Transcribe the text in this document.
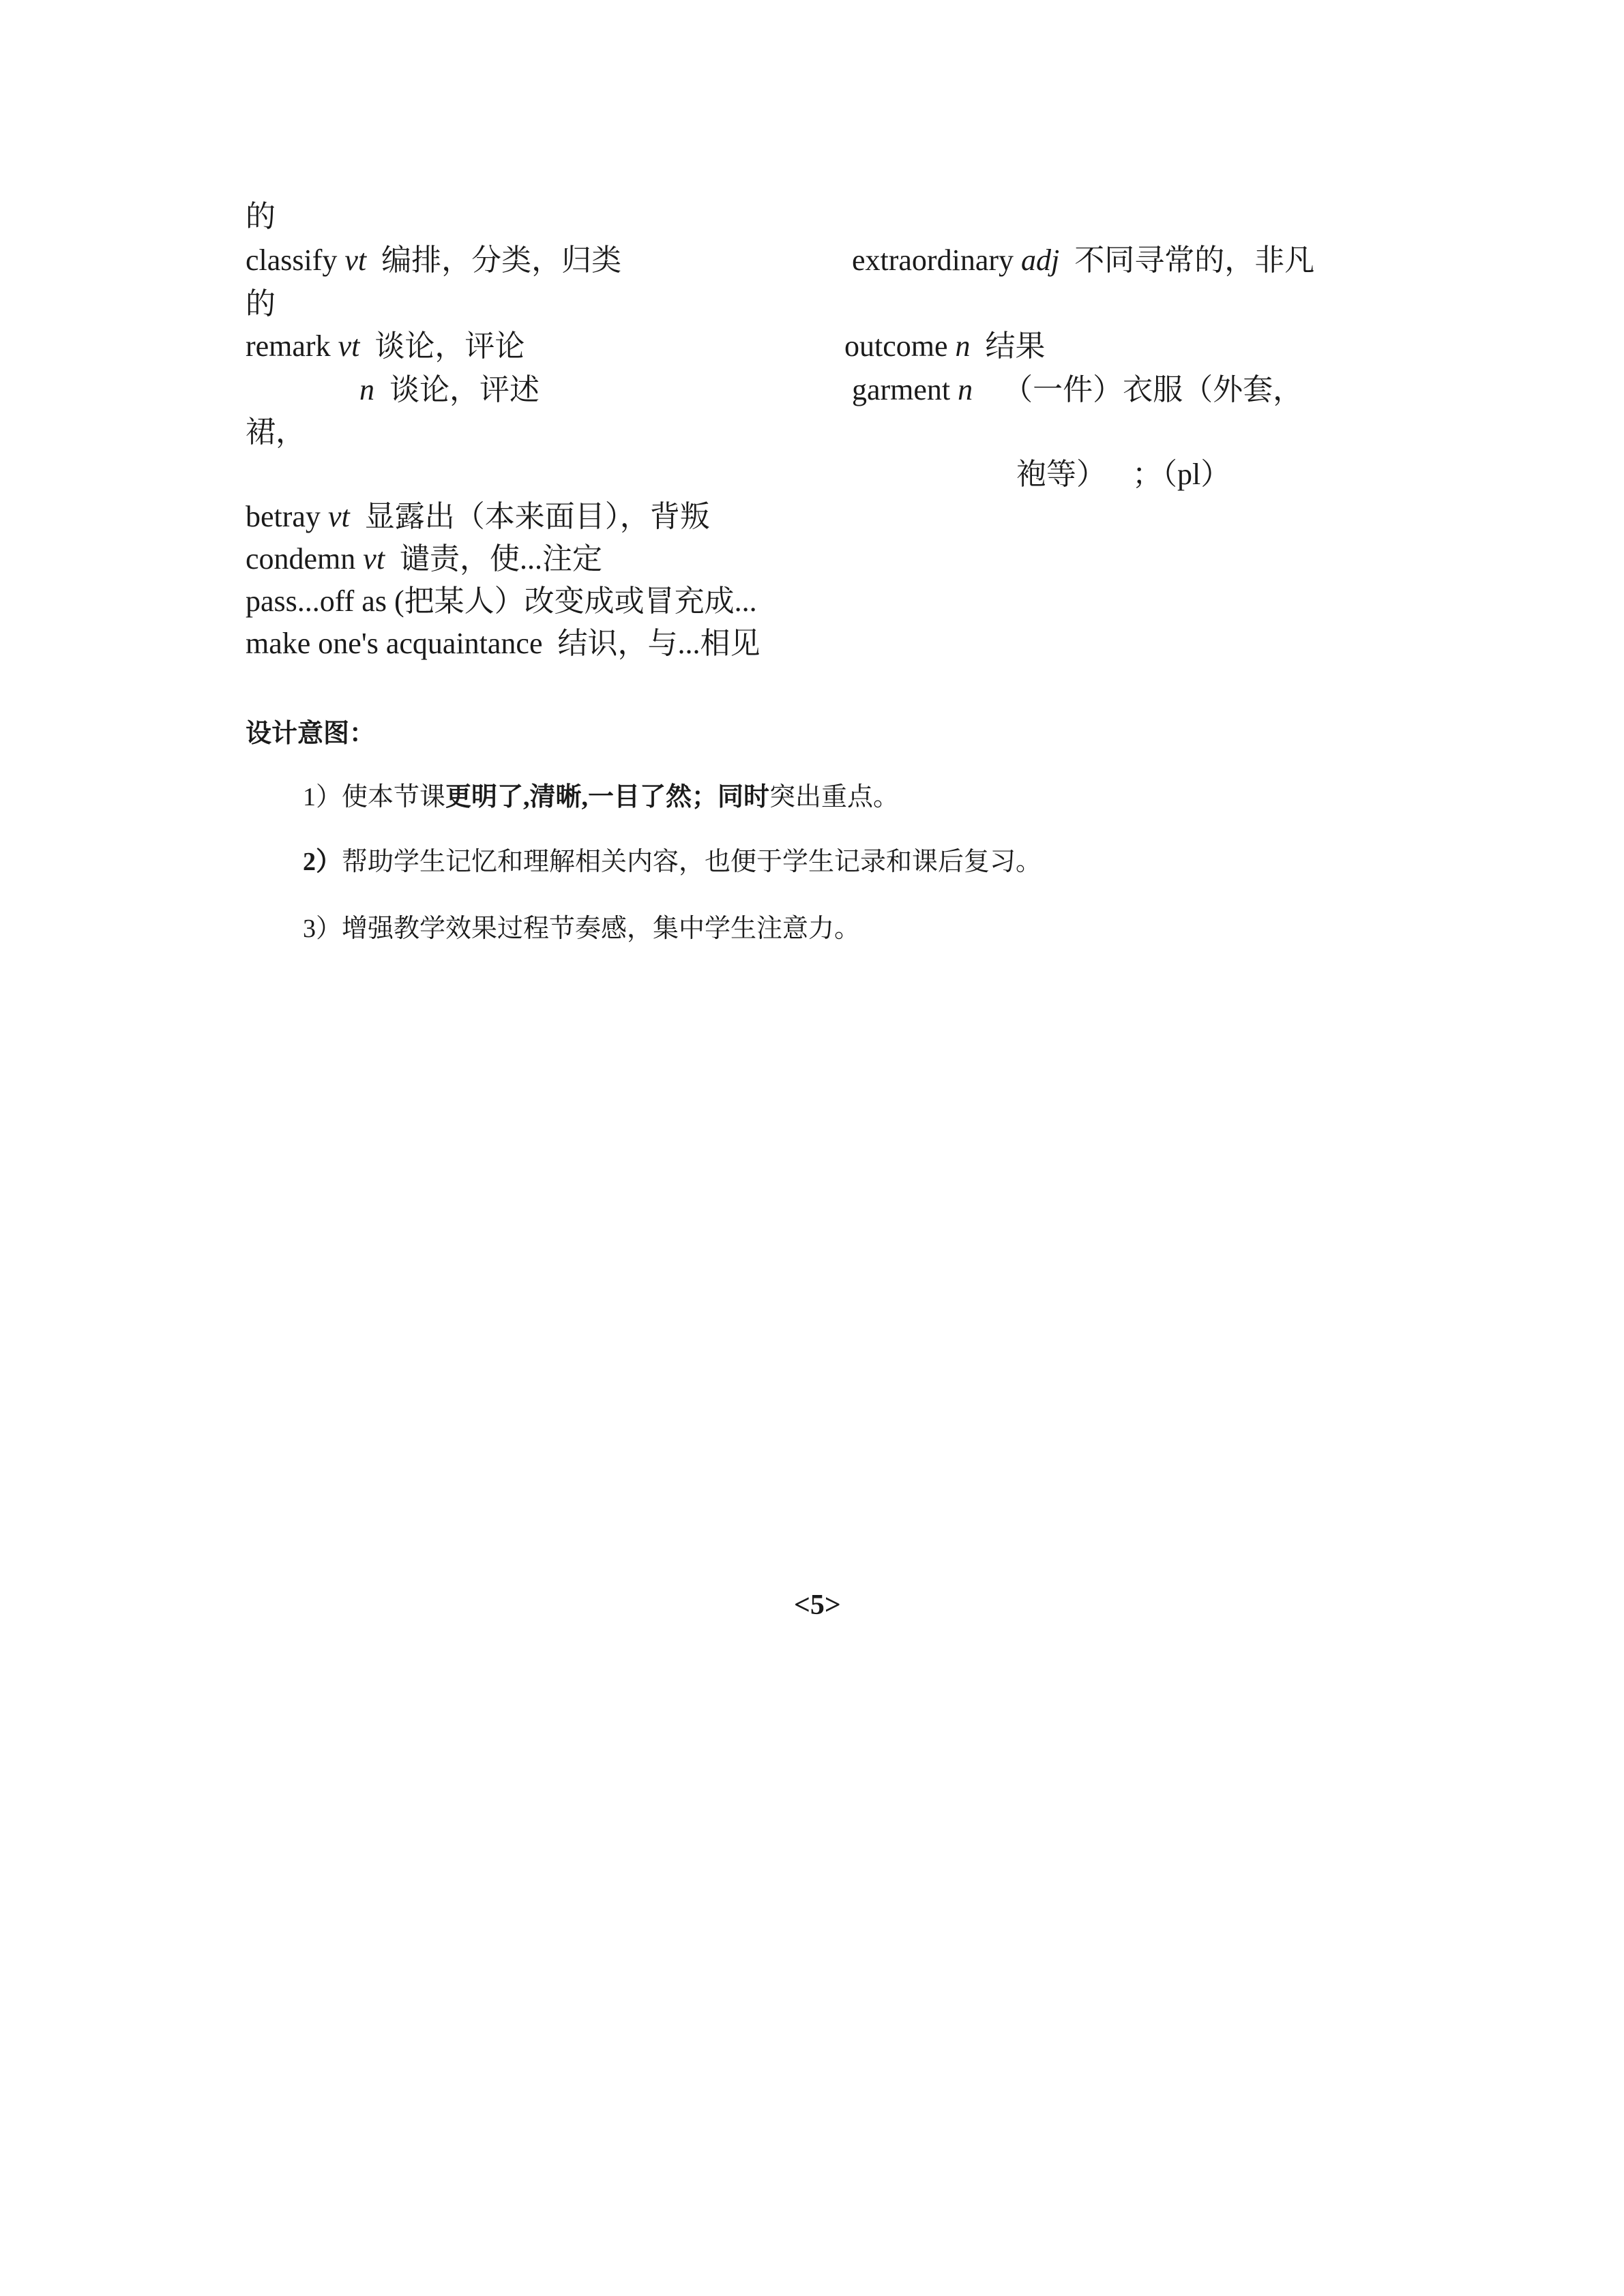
的
classify vt 编排，分类，归类	extraordinary adj 不同寻常的，非凡
的
remark vt 谈论，评论	outcome n 结果
n 谈论，评述	garment n （一件）衣服（外套，
裙，
袍等） ；（pl）
betray vt 显露出（本来面目），背叛
condemn vt 谴责，使...注定
pass...off as (把某人）改变成或冒充成...
make one's acquaintance 结识，与...相见
设计意图：
1）使本节课更明了,清晰,一目了然；同时突出重点。
2）帮助学生记忆和理解相关内容，也便于学生记录和课后复习。
3）增强教学效果过程节奏感，集中学生注意力。
<5>
